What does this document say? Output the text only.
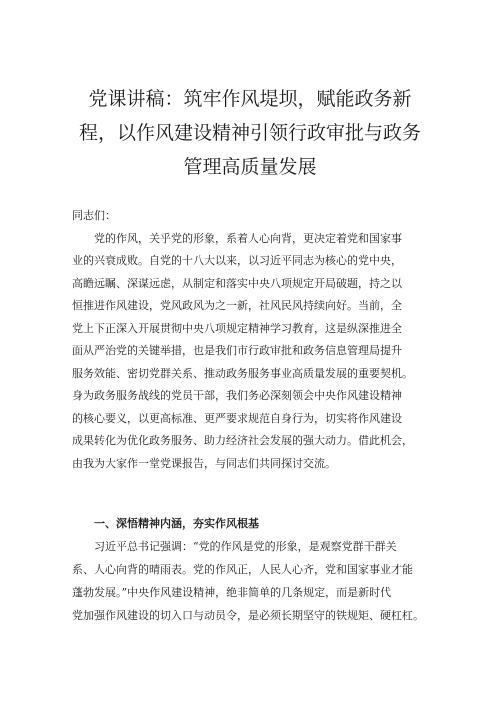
党课讲稿：筑牢作风堤坝，赋能政务新
程，以作风建设精神引领行政审批与政务
管理高质量发展
同志们：
党的作风，关乎党的形象，系着人心向背，更决定着党和国家事
业的兴衰成败。自党的十八大以来，以习近平同志为核心的党中央，
高瞻远瞩、深谋远虑，从制定和落实中央八项规定开局破题，持之以
恒推进作风建设，党风政风为之一新，社风民风持续向好。当前，全
党上下正深入开展贯彻中央八项规定精神学习教育，这是纵深推进全
面从严治党的关键举措，也是我们市行政审批和政务信息管理局提升
服务效能、密切党群关系、推动政务服务事业高质量发展的重要契机。
身为政务服务战线的党员干部，我们务必深刻领会中央作风建设精神
的核心要义，以更高标准、更严要求规范自身行为，切实将作风建设
成果转化为优化政务服务、助力经济社会发展的强大动力。借此机会，
由我为大家作一堂党课报告，与同志们共同探讨交流。
一、深悟精神内涵，夯实作风根基
习近平总书记强调：“党的作风是党的形象，是观察党群干群关
系、人心向背的晴雨表。党的作风正，人民人心齐，党和国家事业才能
蓬勃发展。”中央作风建设精神，绝非简单的几条规定，而是新时代
党加强作风建设的切入口与动员令，是必须长期坚守的铁规矩、硬杠杠。
